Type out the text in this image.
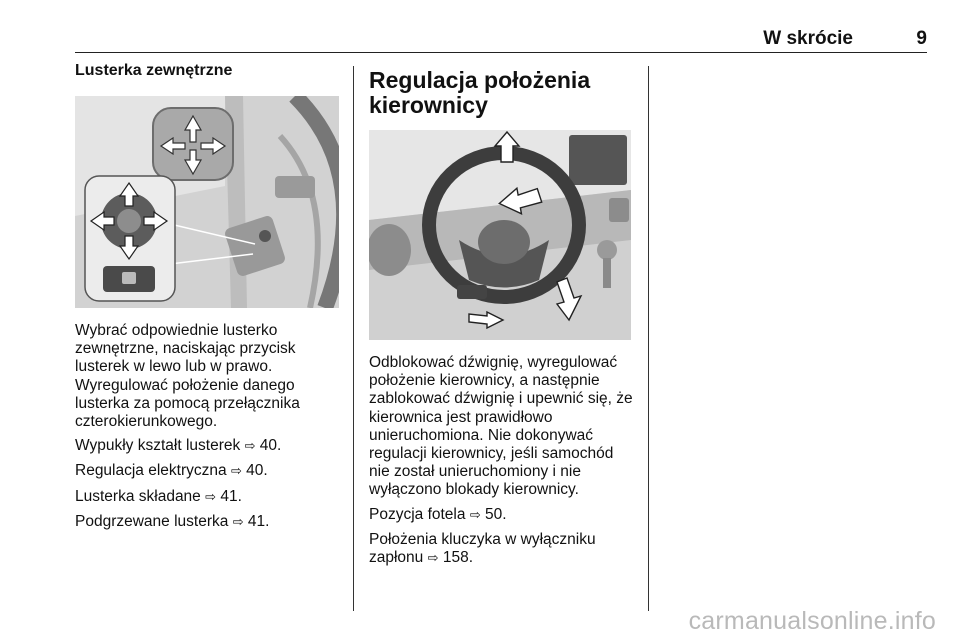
W skrócie	9
Lusterka zewnętrzne

Wybrać odpowiednie lusterko zewnętrzne, naciskając przycisk lusterek w lewo lub w prawo. Wyregulować położenie danego lusterka za pomocą przełącznika czterokierunkowego.

Wypukły kształt lusterek ⇨ 40.

Regulacja elektryczna ⇨ 40.

Lusterka składane ⇨ 41.

Podgrzewane lusterka ⇨ 41.

Regulacja położenia
kierownicy

Odblokować dźwignię, wyregulować położenie kierownicy, a następnie zablokować dźwignię i upewnić się, że kierownica jest prawidłowo unieruchomiona. Nie dokonywać regulacji kierownicy, jeśli samochód nie został unieruchomiony i nie wyłączono blokady kierownicy.

Pozycja fotela ⇨ 50.

Położenia kluczyka w wyłączniku zapłonu ⇨ 158.

carmanualsonline.info
